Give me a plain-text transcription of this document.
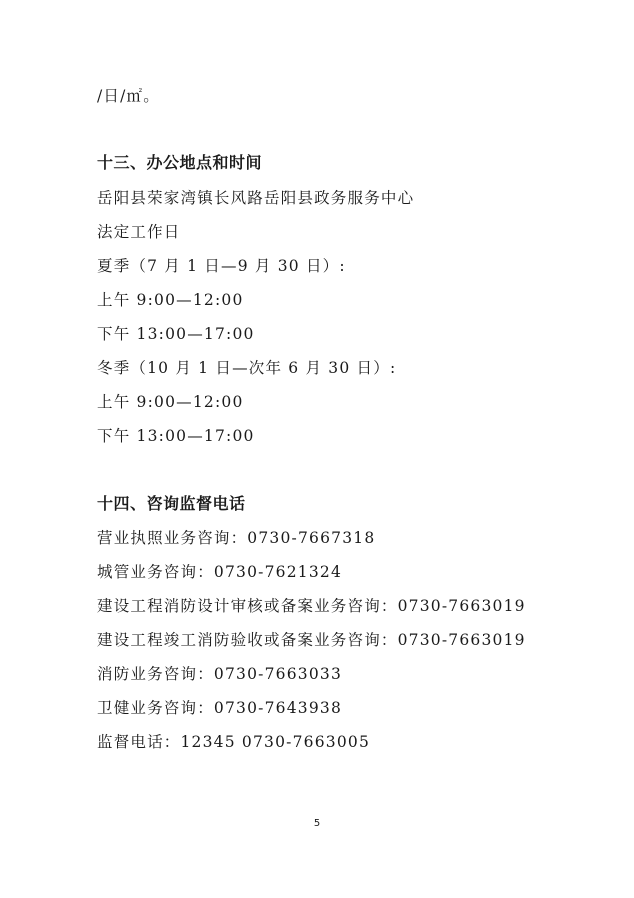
/日/㎡。
十三、办公地点和时间
岳阳县荣家湾镇长风路岳阳县政务服务中心
法定工作日
夏季（7 月 1 日—9 月 30 日）:
上午 9:00—12:00
下午 13:00—17:00
冬季（10 月 1 日—次年 6 月 30 日）:
上午 9:00—12:00
下午 13:00—17:00
十四、咨询监督电话
营业执照业务咨询：0730-7667318
城管业务咨询：0730-7621324
建设工程消防设计审核或备案业务咨询：0730-7663019
建设工程竣工消防验收或备案业务咨询：0730-7663019
消防业务咨询：0730-7663033
卫健业务咨询：0730-7643938
监督电话：12345 0730-7663005
5
